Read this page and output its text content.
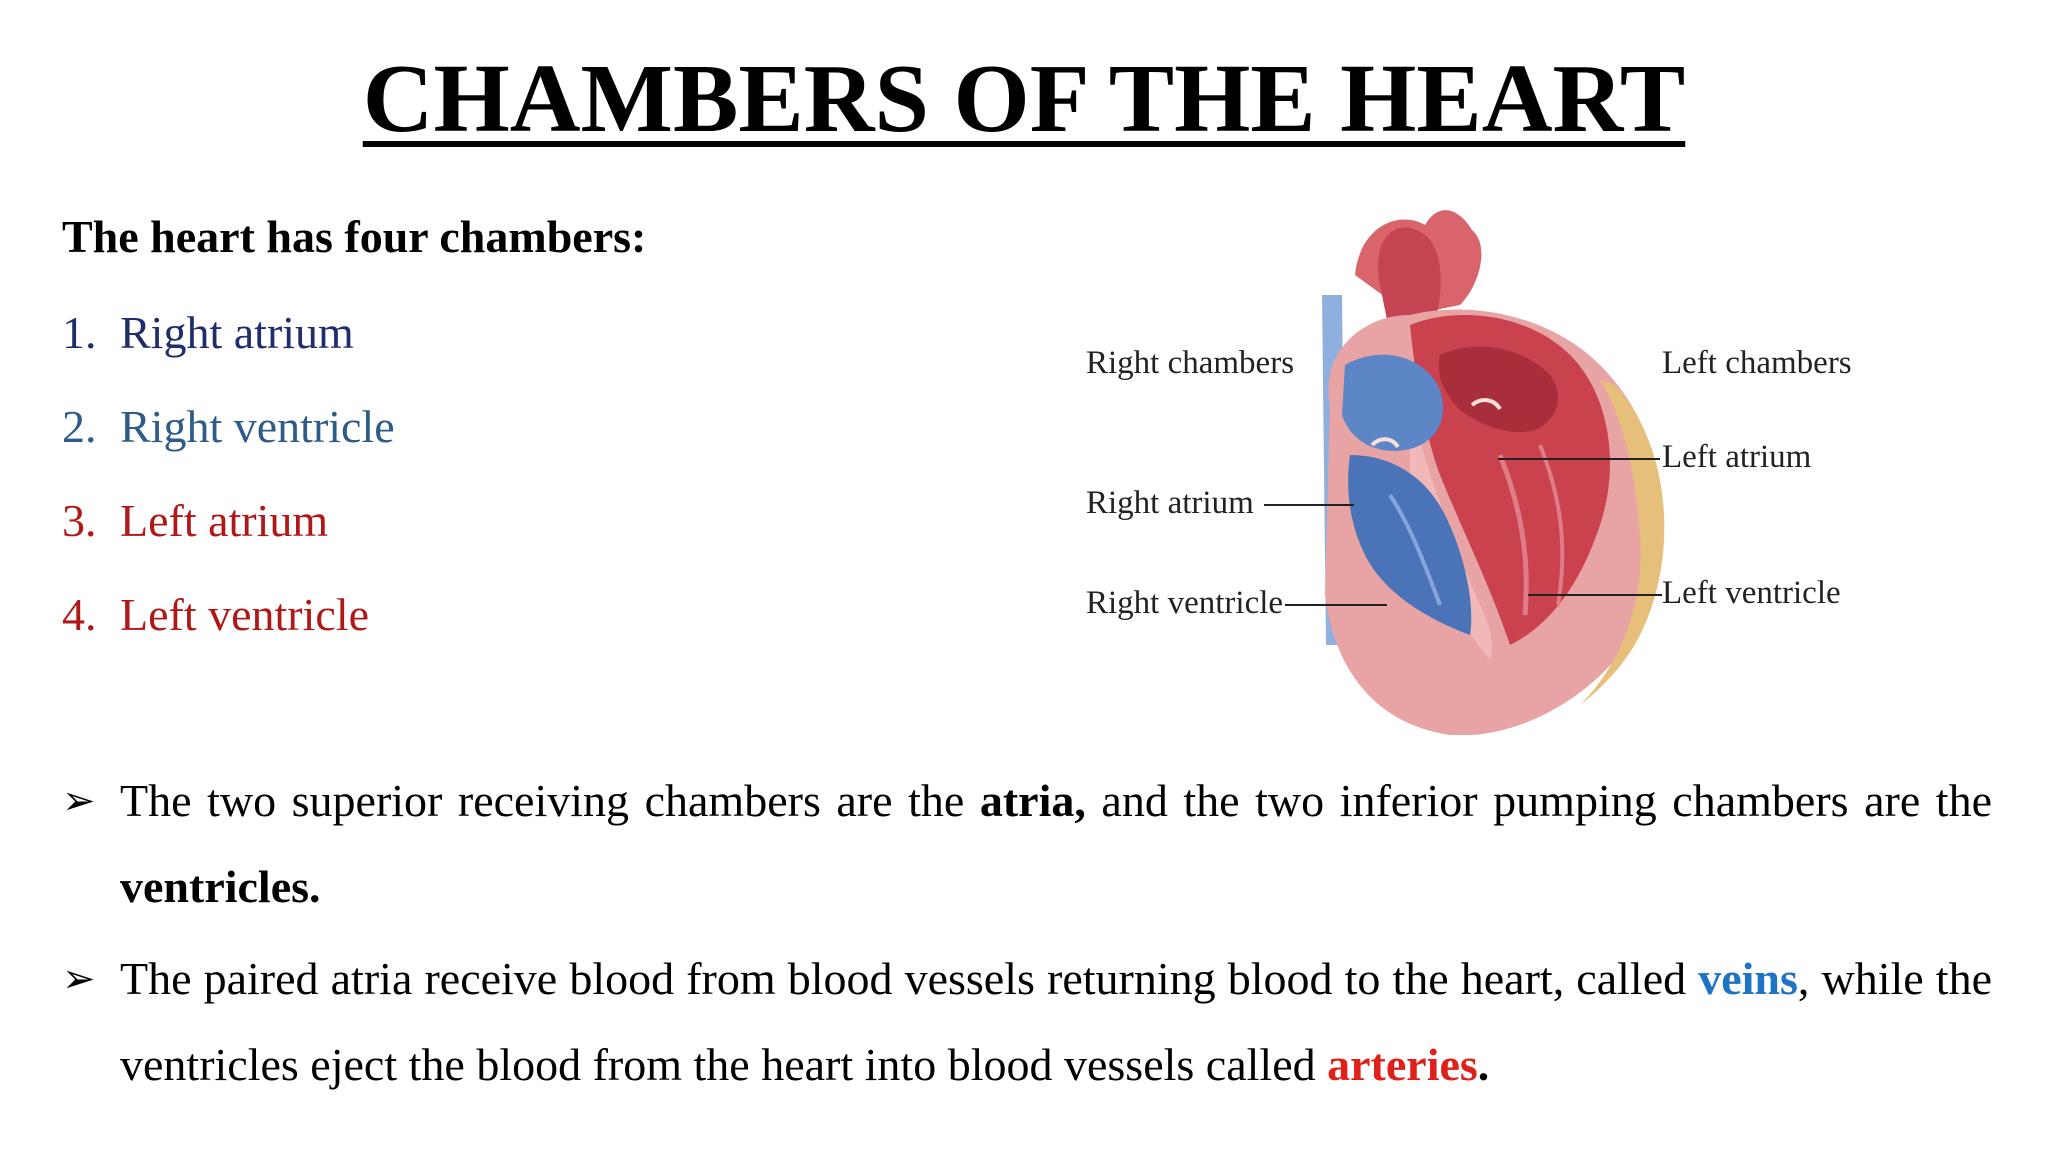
CHAMBERS OF THE HEART
The heart has four chambers:
1. Right atrium
2. Right ventricle
3. Left atrium
4. Left ventricle
Right chambers	Left chambers
Right atrium
Right ventricle
Left atrium
Left ventricle
➢ The two superior receiving chambers are the atria, and the two inferior pumping chambers are the ventricles.
➢ The paired atria receive blood from blood vessels returning blood to the heart, called veins, while the ventricles eject the blood from the heart into blood vessels called arteries.
